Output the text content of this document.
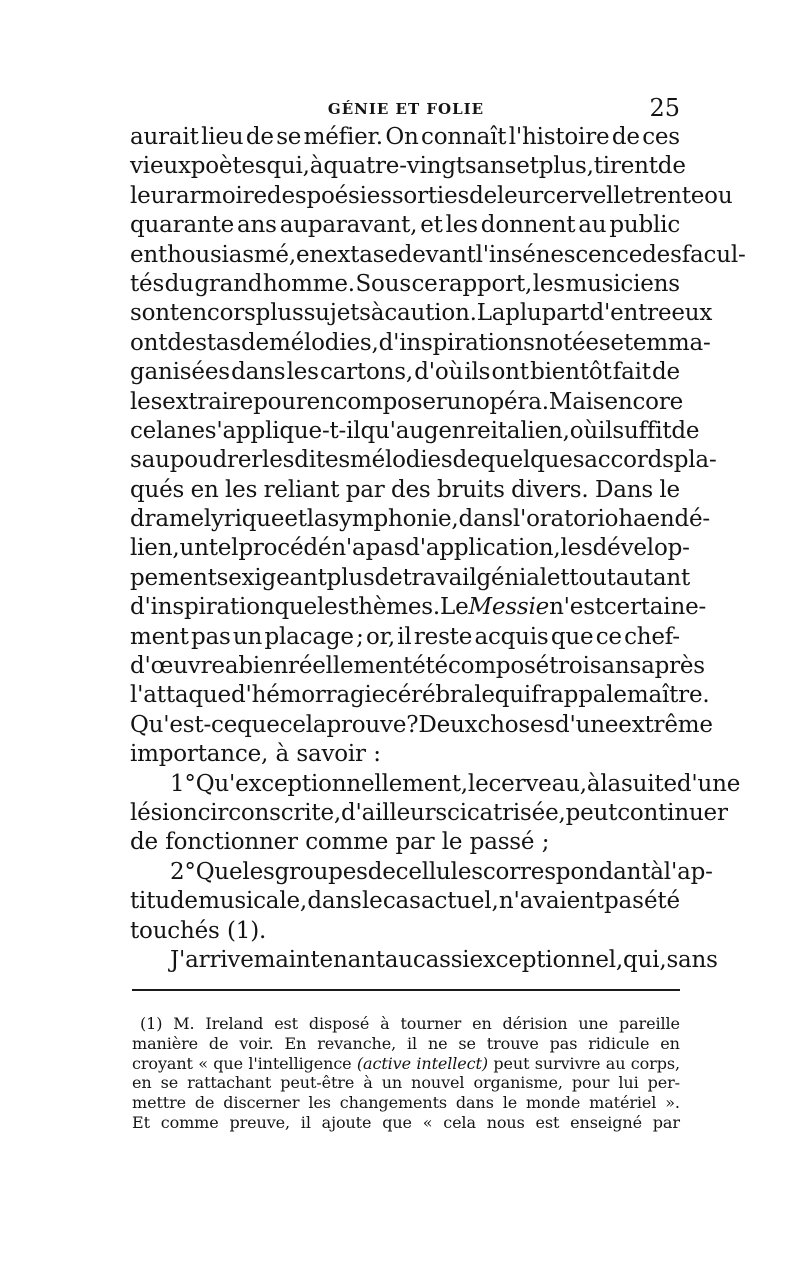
GÉNIE ET FOLIE	25
aurait lieu de se méfier. On connaît l'histoire de ces
vieux poètes qui, à quatre-vingts ans et plus, tirent de
leur armoire des poésies sorties de leur cervelle trente ou
quarante ans auparavant, et les donnent au public
enthousiasmé, en extase devant l'insénescence des facul-
tés du grand homme. Sous ce rapport, les musiciens
sont encors plus sujets à caution. La plupart d'entre eux
ont des tas de mélodies, d'inspirations notées et emma-
ganisées dans les cartons, d'où ils ont bientôt fait de
les extraire pour en composer un opéra. Mais encore
cela ne s'applique-t-il qu'au genre italien, où il suffit de
saupoudrer lesdites mélodies de quelques accords pla-
qués en les reliant par des bruits divers. Dans le
drame lyrique et la symphonie, dans l'oratorio haendé-
lien, un tel procédé n'a pas d'application, les dévelop-
pements exigeant plus de travail génial et tout autant
d'inspiration que les thèmes. Le Messie n'est certaine-
ment pas un placage ; or, il reste acquis que ce chef-
d'œuvre a bien réellement été composé trois ans après
l'attaque d'hémorragie cérébrale qui frappa le maître.
Qu'est-ce que cela prouve ? Deux choses d'une extrême
importance, à savoir :
1° Qu'exceptionnellement, le cerveau, à la suite d'une
lésion circonscrite, d'ailleurs cicatrisée, peut continuer
de fonctionner comme par le passé ;
2° Que les groupes de cellules correspondant à l'ap-
titude musicale, dans le cas actuel, n'avaient pas été
touchés (1).
J'arrive maintenant au cas si exceptionnel, qui, sans
(1) M. Ireland est disposé à tourner en dérision une pareille
manière de voir. En revanche, il ne se trouve pas ridicule en
croyant « que l'intelligence (active intellect) peut survivre au corps,
en se rattachant peut-être à un nouvel organisme, pour lui per-
mettre de discerner les changements dans le monde matériel ».
Et comme preuve, il ajoute que « cela nous est enseigné par
